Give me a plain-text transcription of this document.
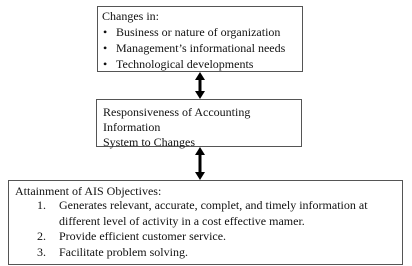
Changes in:
• Business or nature of organization
• Management’s informational needs
• Technological developments
Responsiveness of Accounting Information
System to Changes
Attainment of AIS Objectives:
1. Generates relevant, accurate, complet, and timely information at different level of activity in a cost effective mamer.
2. Provide efficient customer service.
3. Facilitate problem solving.
